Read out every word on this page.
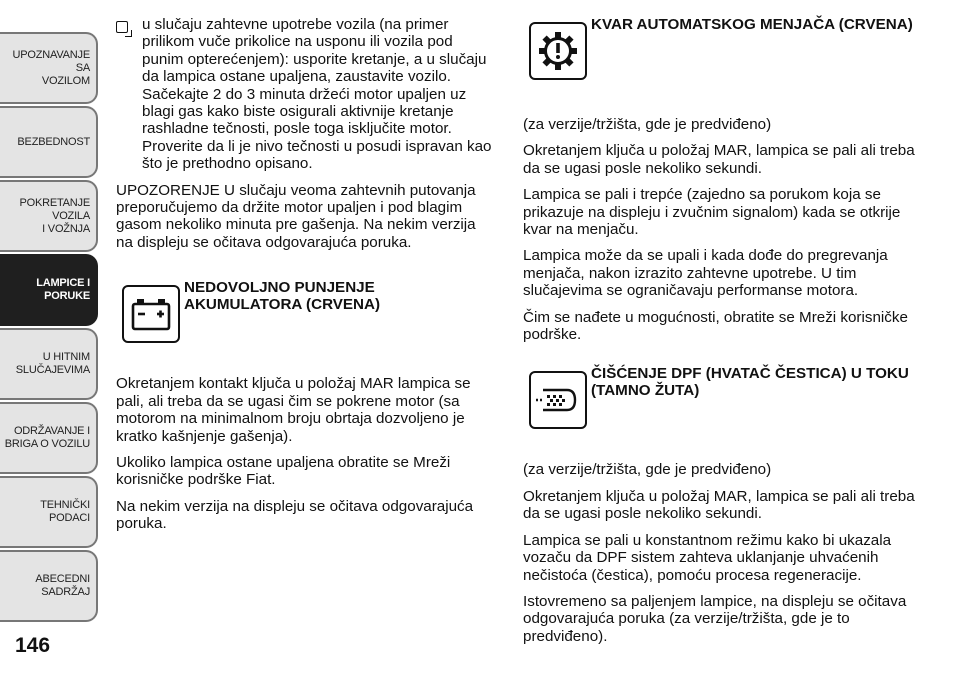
UPOZNAVANJE SA
VOZILOM
BEZBEDNOST
POKRETANJE VOZILA
I VOŽNJA
LAMPICE I
PORUKE
U HITNIM
SLUČAJEVIMA
ODRŽAVANJE I
BRIGA O VOZILU
TEHNIČKI PODACI
ABECEDNI SADRŽAJ
146
u slučaju zahtevne upotrebe vozila (na primer prilikom vuče prikolice na usponu ili vozila pod punim opterećenjem): usporite kretanje, a u slučaju da lampica ostane upaljena, zaustavite vozilo. Sačekajte 2 do 3 minuta držeći motor upaljen uz blagi gas kako biste osigurali aktivnije kretanje rashladne tečnosti, posle toga isključite motor. Proverite da li je nivo tečnosti u posudi ispravan kao što je prethodno opisano.

UPOZORENJE U slučaju veoma zahtevnih putovanja preporučujemo da držite motor upaljen i pod blagim gasom nekoliko minuta pre gašenja. Na nekim verzija na displeju se očitava odgovarajuća poruka.

NEDOVOLJNO PUNJENJE AKUMULATORA (CRVENA)

Okretanjem kontakt ključa u položaj MAR lampica se pali, ali treba da se ugasi čim se pokrene motor (sa motorom na minimalnom broju obrtaja dozvoljeno je kratko kašnjenje gašenja).

Ukoliko lampica ostane upaljena obratite se Mreži korisničke podrške Fiat.

Na nekim verzija na displeju se očitava odgovarajuća poruka.

KVAR AUTOMATSKOG MENJAČA (CRVENA)

(za verzije/tržišta, gde je predviđeno)

Okretanjem ključa u položaj MAR, lampica se pali ali treba da se ugasi posle nekoliko sekundi.

Lampica se pali i trepće (zajedno sa porukom koja se prikazuje na displeju i zvučnim signalom) kada se otkrije kvar na menjaču.

Lampica može da se upali i kada dođe do pregrevanja menjača, nakon izrazito zahtevne upotrebe. U tim slučajevima se ograničavaju performanse motora.

Čim se nađete u mogućnosti, obratite se Mreži korisničke podrške.

ČIŠĆENJE DPF (HVATAČ ČESTICA) U TOKU (TAMNO ŽUTA)

(za verzije/tržišta, gde je predviđeno)

Okretanjem ključa u položaj MAR, lampica se pali ali treba da se ugasi posle nekoliko sekundi.

Lampica se pali u konstantnom režimu kako bi ukazala vozaču da DPF sistem zahteva uklanjanje uhvaćenih nečistoća (čestica), pomoću procesa regeneracije.

Istovremeno sa paljenjem lampice, na displeju se očitava odgovarajuća poruka (za verzije/tržišta, gde je to predviđeno).
